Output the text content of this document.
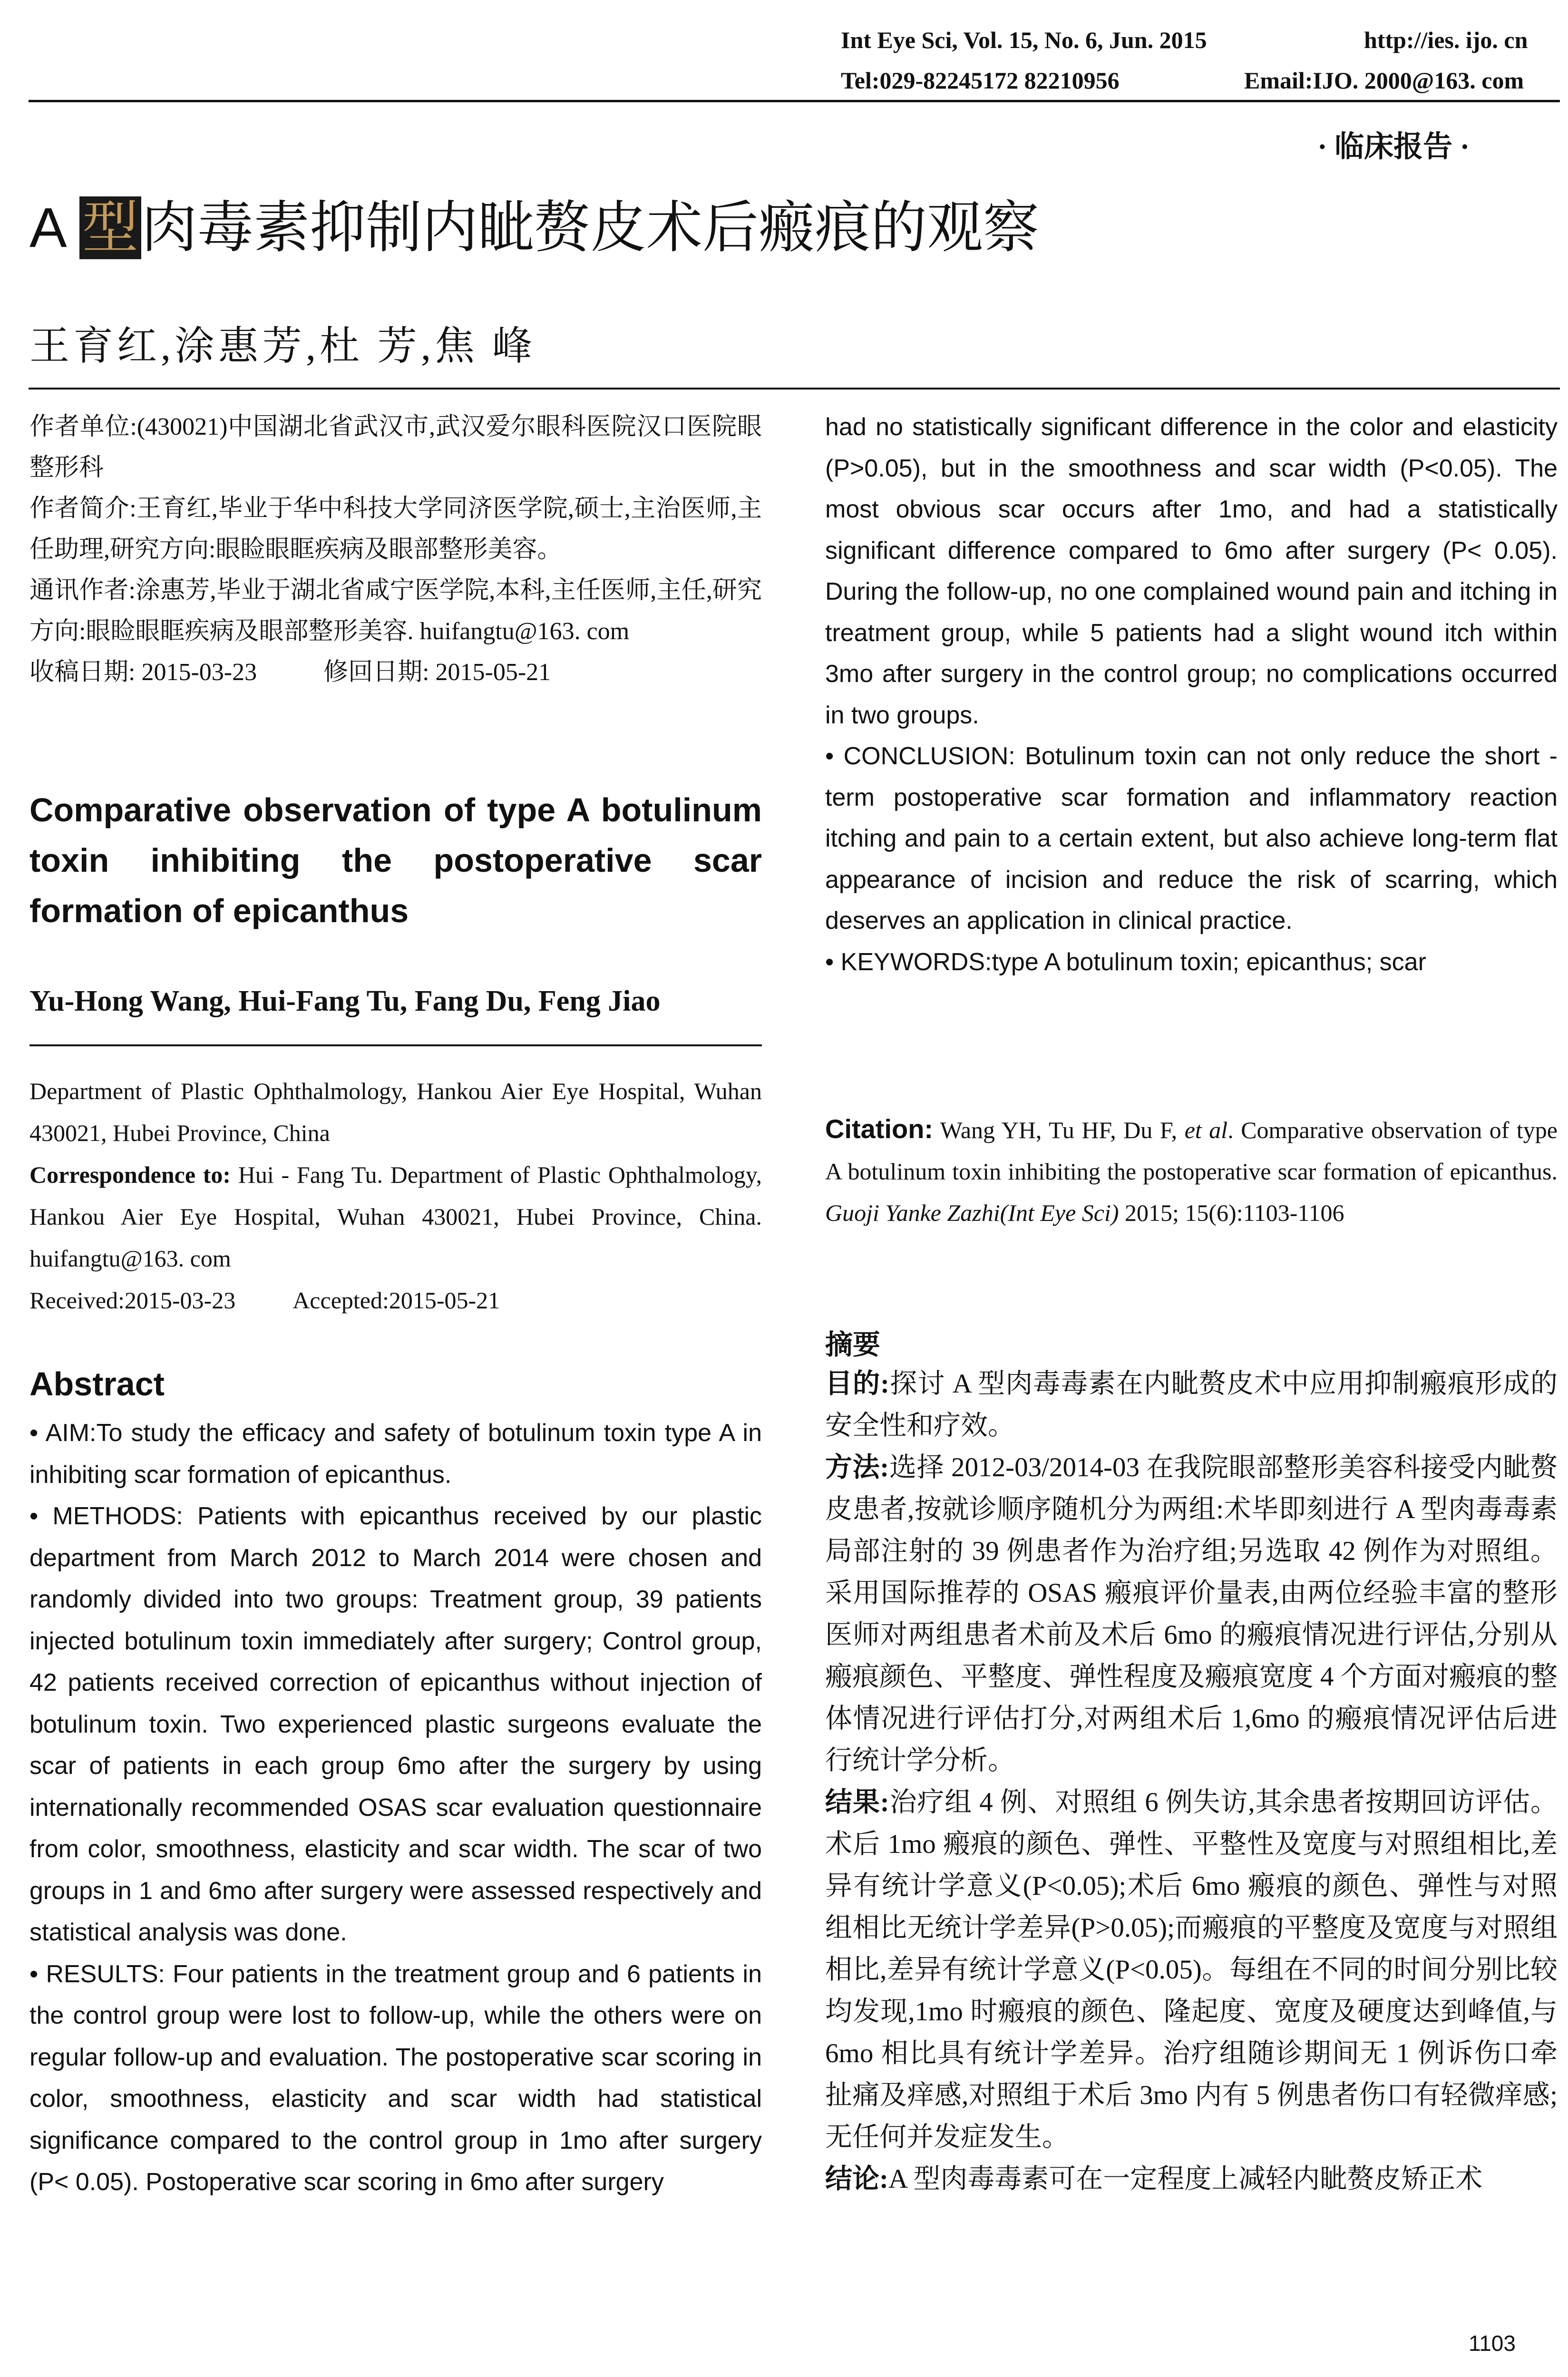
Int Eye Sci, Vol. 15, No. 6, Jun. 2015	http://ies. ijo. cn
Tel:029-82245172 82210956	Email:IJO. 2000@163. com
· 临床报告 ·
A 型肉毒素抑制内眦赘皮术后瘢痕的观察
王育红,涂惠芳,杜 芳,焦 峰

作者单位:(430021)中国湖北省武汉市,武汉爱尔眼科医院汉口医院眼整形科

作者简介:王育红,毕业于华中科技大学同济医学院,硕士,主治医师,主任助理,研究方向:眼睑眼眶疾病及眼部整形美容。

通讯作者:涂惠芳,毕业于湖北省咸宁医学院,本科,主任医师,主任,研究方向:眼睑眼眶疾病及眼部整形美容. huifangtu@163. com

收稿日期: 2015-03-23	修回日期: 2015-05-21

Comparative observation of type A botulinum toxin inhibiting the postoperative scar formation of epicanthus
Yu-Hong Wang, Hui-Fang Tu, Fang Du, Feng Jiao

Department of Plastic Ophthalmology, Hankou Aier Eye Hospital, Wuhan 430021, Hubei Province, China

Correspondence to: Hui - Fang Tu. Department of Plastic Ophthalmology, Hankou Aier Eye Hospital, Wuhan 430021, Hubei Province, China. huifangtu@163. com

Received:2015-03-23 Accepted:2015-05-21

Abstract

• AIM:To study the efficacy and safety of botulinum toxin type A in inhibiting scar formation of epicanthus.

• METHODS: Patients with epicanthus received by our plastic department from March 2012 to March 2014 were chosen and randomly divided into two groups: Treatment group, 39 patients injected botulinum toxin immediately after surgery; Control group, 42 patients received correction of epicanthus without injection of botulinum toxin. Two experienced plastic surgeons evaluate the scar of patients in each group 6mo after the surgery by using internationally recommended OSAS scar evaluation questionnaire from color, smoothness, elasticity and scar width. The scar of two groups in 1 and 6mo after surgery were assessed respectively and statistical analysis was done.

• RESULTS: Four patients in the treatment group and 6 patients in the control group were lost to follow-up, while the others were on regular follow-up and evaluation. The postoperative scar scoring in color, smoothness, elasticity and scar width had statistical significance compared to the control group in 1mo after surgery (P< 0.05). Postoperative scar scoring in 6mo after surgery

had no statistically significant difference in the color and elasticity (P>0.05), but in the smoothness and scar width (P<0.05). The most obvious scar occurs after 1mo, and had a statistically significant difference compared to 6mo after surgery (P< 0.05). During the follow-up, no one complained wound pain and itching in treatment group, while 5 patients had a slight wound itch within 3mo after surgery in the control group; no complications occurred in two groups.

• CONCLUSION: Botulinum toxin can not only reduce the short - term postoperative scar formation and inflammatory reaction itching and pain to a certain extent, but also achieve long-term flat appearance of incision and reduce the risk of scarring, which deserves an application in clinical practice.

• KEYWORDS:type A botulinum toxin; epicanthus; scar

Citation: Wang YH, Tu HF, Du F, et al. Comparative observation of type A botulinum toxin inhibiting the postoperative scar formation of epicanthus. Guoji Yanke Zazhi(Int Eye Sci) 2015; 15(6):1103-1106
摘要

目的:探讨 A 型肉毒毒素在内眦赘皮术中应用抑制瘢痕形成的安全性和疗效。

方法:选择 2012-03/2014-03 在我院眼部整形美容科接受内眦赘皮患者,按就诊顺序随机分为两组:术毕即刻进行 A 型肉毒毒素局部注射的 39 例患者作为治疗组;另选取 42 例作为对照组。采用国际推荐的 OSAS 瘢痕评价量表,由两位经验丰富的整形医师对两组患者术前及术后 6mo 的瘢痕情况进行评估,分别从瘢痕颜色、平整度、弹性程度及瘢痕宽度 4 个方面对瘢痕的整体情况进行评估打分,对两组术后 1,6mo 的瘢痕情况评估后进行统计学分析。

结果:治疗组 4 例、对照组 6 例失访,其余患者按期回访评估。术后 1mo 瘢痕的颜色、弹性、平整性及宽度与对照组相比,差异有统计学意义(P<0.05);术后 6mo 瘢痕的颜色、弹性与对照组相比无统计学差异(P>0.05);而瘢痕的平整度及宽度与对照组相比,差异有统计学意义(P<0.05)。每组在不同的时间分别比较均发现,1mo 时瘢痕的颜色、隆起度、宽度及硬度达到峰值,与 6mo 相比具有统计学差异。治疗组随诊期间无 1 例诉伤口牵扯痛及痒感,对照组于术后 3mo 内有 5 例患者伤口有轻微痒感;无任何并发症发生。

结论:A 型肉毒毒素可在一定程度上减轻内眦赘皮矫正术

1103
